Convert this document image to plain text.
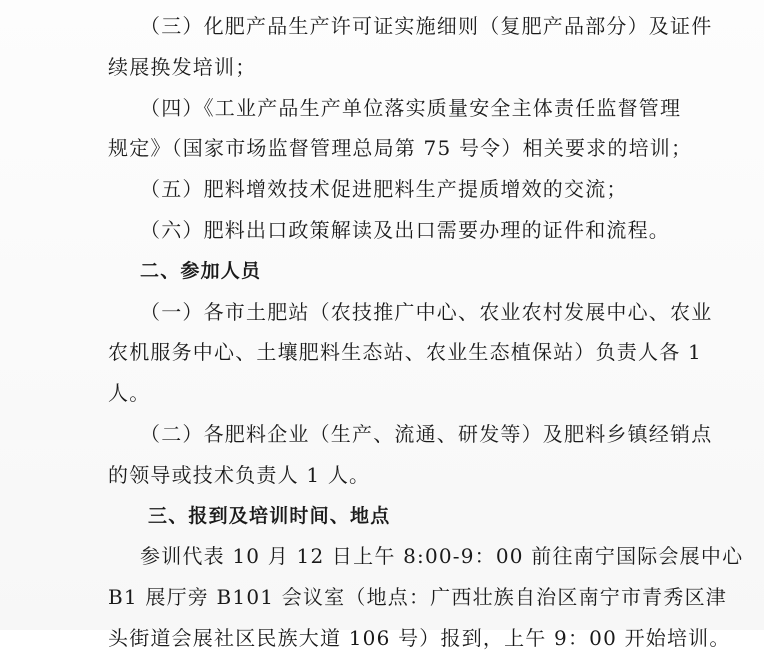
（三）化肥产品生产许可证实施细则（复肥产品部分）及证件
续展换发培训；
（四）《工业产品生产单位落实质量安全主体责任监督管理
规定》（国家市场监督管理总局第 75 号令）相关要求的培训；
（五）肥料增效技术促进肥料生产提质增效的交流；
（六）肥料出口政策解读及出口需要办理的证件和流程。
二、参加人员
（一）各市土肥站（农技推广中心、农业农村发展中心、农业
农机服务中心、土壤肥料生态站、农业生态植保站）负责人各 1
人。
（二）各肥料企业（生产、流通、研发等）及肥料乡镇经销点
的领导或技术负责人 1 人。
三、报到及培训时间、地点
参训代表 10 月 12 日上午 8:00-9：00 前往南宁国际会展中心
B1 展厅旁 B101 会议室（地点：广西壮族自治区南宁市青秀区津
头街道会展社区民族大道 106 号）报到，上午 9：00 开始培训。
